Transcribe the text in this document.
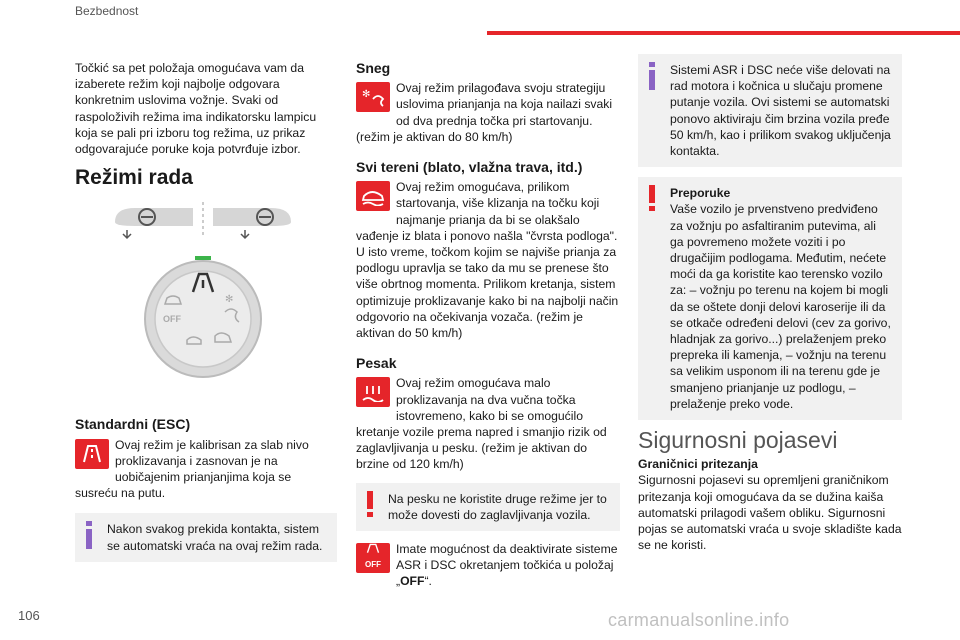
Bezbednost

Točkić sa pet položaja omogućava vam da izaberete režim koji najbolje odgovara konkretnim uslovima vožnje. Svaki od raspoloživih režima ima indikatorsku lampicu koja se pali pri izboru tog režima, uz prikaz odgovarajuće poruke koja potvrđuje izbor.

Režimi rada

✻
OFF

Standardni (ESC)

Ovaj režim je kalibrisan za slab nivo proklizavanja i zasnovan je na uobičajenim prianjanjima koja se susreću na putu.

Nakon svakog prekida kontakta, sistem se automatski vraća na ovaj režim rada.

Sneg

✻	Ovaj režim prilagođava svoju strategiju uslovima prianjanja na koja nailazi svaki od dva prednja točka pri startovanju. (režim je aktivan do 80 km/h)

Svi tereni (blato, vlažna trava, itd.)

Ovaj režim omogućava, prilikom startovanja, više klizanja na točku koji najmanje prianja da bi se olakšalo vađenje iz blata i ponovo našla "čvrsta podloga". U isto vreme, točkom kojim se najviše prianja za podlogu upravlja se tako da mu se prenese što više obrtnog momenta. Prilikom kretanja, sistem optimizuje proklizavanje kako bi na najbolji način odgovorio na očekivanja vozača. (režim je aktivan do 50 km/h)

Pesak

Ovaj režim omogućava malo proklizavanja na dva vučna točka istovremeno, kako bi se omogućilo kretanje vozile prema napred i smanjio rizik od zaglavljivanja u pesku. (režim je aktivan do brzine od 120 km/h)

Na pesku ne koristite druge režime jer to može dovesti do zaglavljivanja vozila.

OFF

Imate mogućnost da deaktivirate sisteme ASR i DSC okretanjem točkića u položaj „OFF“.

Sistemi ASR i DSC neće više delovati na rad motora i kočnica u slučaju promene putanje vozila. Ovi sistemi se automatski ponovo aktiviraju čim brzina vozila pređe 50 km/h, kao i prilikom svakog uključenja kontakta.

Preporuke

Vaše vozilo je prvenstveno predviđeno za vožnju po asfaltiranim putevima, ali ga povremeno možete voziti i po drugačijim podlogama. Međutim, nećete moći da ga koristite kao terensko vozilo za: – vožnju po terenu na kojem bi mogli da se oštete donji delovi karoserije ili da se otkače određeni delovi (cev za gorivo, hladnjak za gorivo...) prelaženjem preko prepreka ili kamenja, – vožnju na terenu sa velikim usponom ili na terenu gde je smanjeno prianjanje uz podlogu, – prelaženje preko vode.

Sigurnosni pojasevi

Graničnici pritezanja

Sigurnosni pojasevi su opremljeni graničnikom pritezanja koji omogućava da se dužina kaiša automatski prilagodi vašem obliku. Sigurnosni pojas se automatski vraća u svoje skladište kada se ne koristi.

106	carmanualsonline.info
